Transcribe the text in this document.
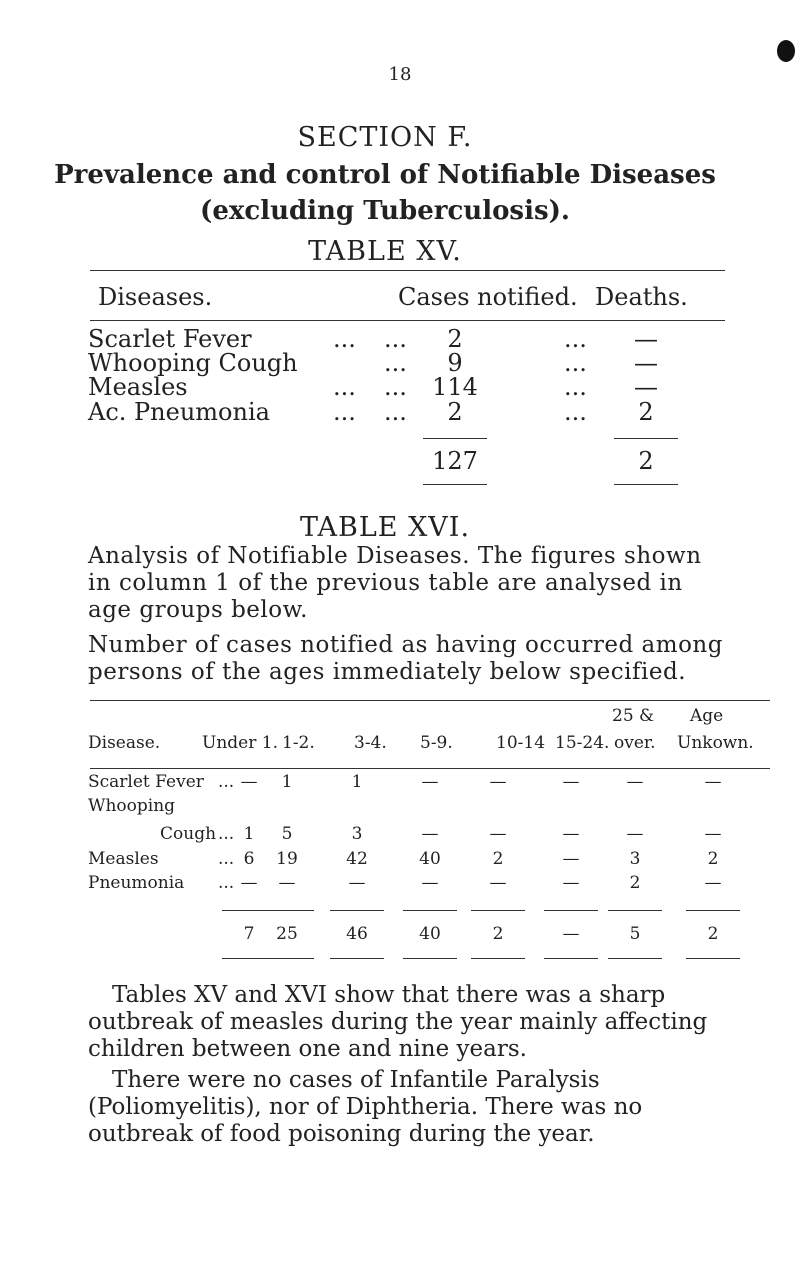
18
SECTION F.
Prevalence and control of Notifiable Diseases
(excluding Tuberculosis).
TABLE XV.
Diseases.	Cases notified. Deaths.
Scarlet Fever	... ...	2	...	—
Whooping Cough	...	9	...	—
Measles	... ... 114	...	—
Ac. Pneumonia	... ...	2	...	2
127	2
TABLE XVI.
Analysis of Notifiable Diseases. The figures shown in column 1 of the previous table are analysed in age groups below.
Number of cases notified as having occurred among persons of the ages immediately below specified.
25 & Age
Disease. Under 1. 1-2. 3-4. 5-9.	10-14 15-24. over. Unkown.
Scarlet Fever ... —	1	1	—	—	—	—	—
Whooping
Cough ... 1	5	3	—	—	—	—	—
Measles	... 6	19	42	40	2	—	3	2
Pneumonia ... —	—	—	—	—	—	2	—
7	25	46	40	2	—	5	2
Tables XV and XVI show that there was a sharp outbreak of measles during the year mainly affecting children between one and nine years.
There were no cases of Infantile Paralysis (Poliomyelitis), nor of Diphtheria. There was no outbreak of food poisoning during the year.
